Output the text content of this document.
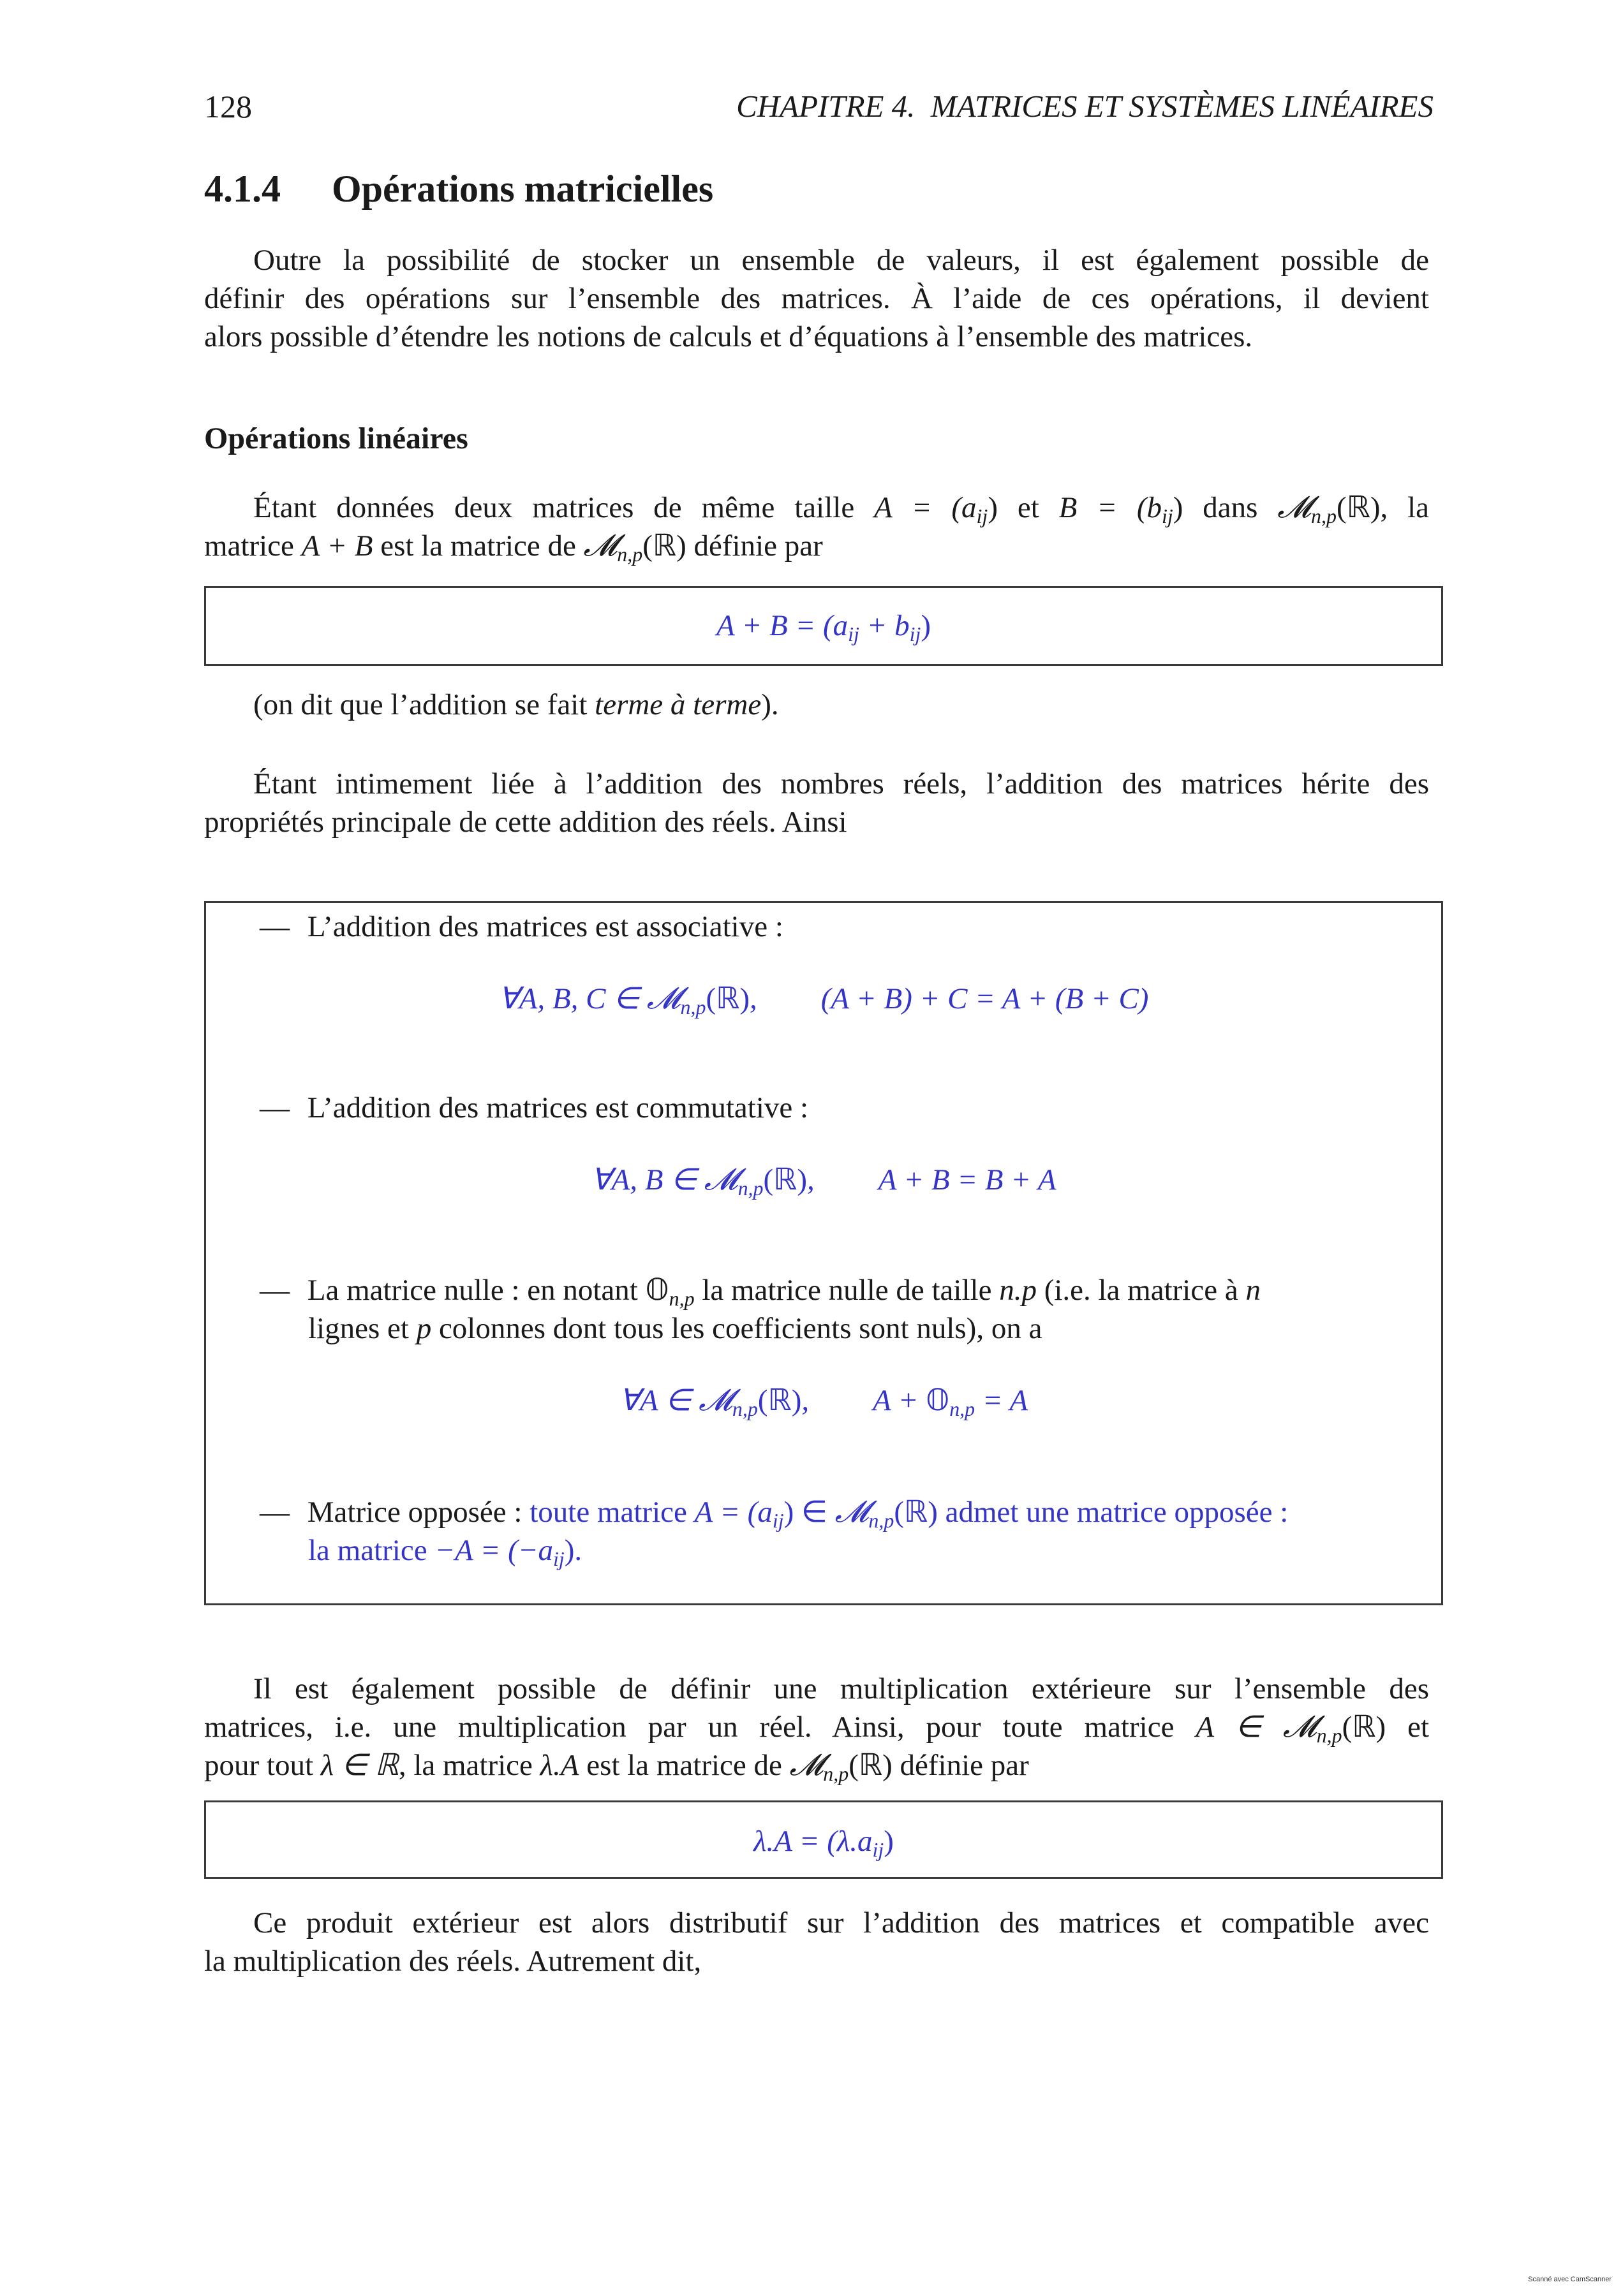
128	CHAPITRE 4.  MATRICES ET SYSTÈMES LINÉAIRES
4.1.4 Opérations matricielles
Outre la possibilité de stocker un ensemble de valeurs, il est également possible de
définir des opérations sur l’ensemble des matrices. À l’aide de ces opérations, il devient
alors possible d’étendre les notions de calculs et d’équations à l’ensemble des matrices.
Opérations linéaires
Étant données deux matrices de même taille $A = (a_{ij})$ et $B = (b_{ij})$ dans 𝓜$_{n,p}$(ℝ), la
matrice A + B est la matrice de 𝓜$_{n,p}$(ℝ) définie par
$A + B = (a_{ij} + b_{ij})$
(on dit que l’addition se fait terme à terme).
Étant intimement liée à l’addition des nombres réels, l’addition des matrices hérite des
propriétés principale de cette addition des réels. Ainsi
— L’addition des matrices est associative :
∀A, B, C ∈ 𝓜$_{n,p}$(ℝ), (A + B) + C = A + (B + C)
— L’addition des matrices est commutative :
∀A, B ∈ 𝓜$_{n,p}$(ℝ), A + B = B + A
— La matrice nulle : en notant 𝕆$_{n,p}$ la matrice nulle de taille n.p (i.e. la matrice à n
lignes et p colonnes dont tous les coefficients sont nuls), on a
∀A ∈ 𝓜$_{n,p}$(ℝ), A + 𝕆$_{n,p}$ = A
— Matrice opposée : toute matrice $A = (a_{ij})$ ∈ 𝓜$_{n,p}$(ℝ) admet une matrice opposée :
la matrice $-A = (-a_{ij})$.
Il est également possible de définir une multiplication extérieure sur l’ensemble des
matrices, i.e. une multiplication par un réel. Ainsi, pour toute matrice A ∈ 𝓜$_{n,p}$(ℝ) et
pour tout λ ∈ ℝ, la matrice λ.A est la matrice de 𝓜$_{n,p}$(ℝ) définie par
$\lambda.A = (\lambda.a_{ij})$
Ce produit extérieur est alors distributif sur l’addition des matrices et compatible avec
la multiplication des réels. Autrement dit,
Scanné avec CamScanner
